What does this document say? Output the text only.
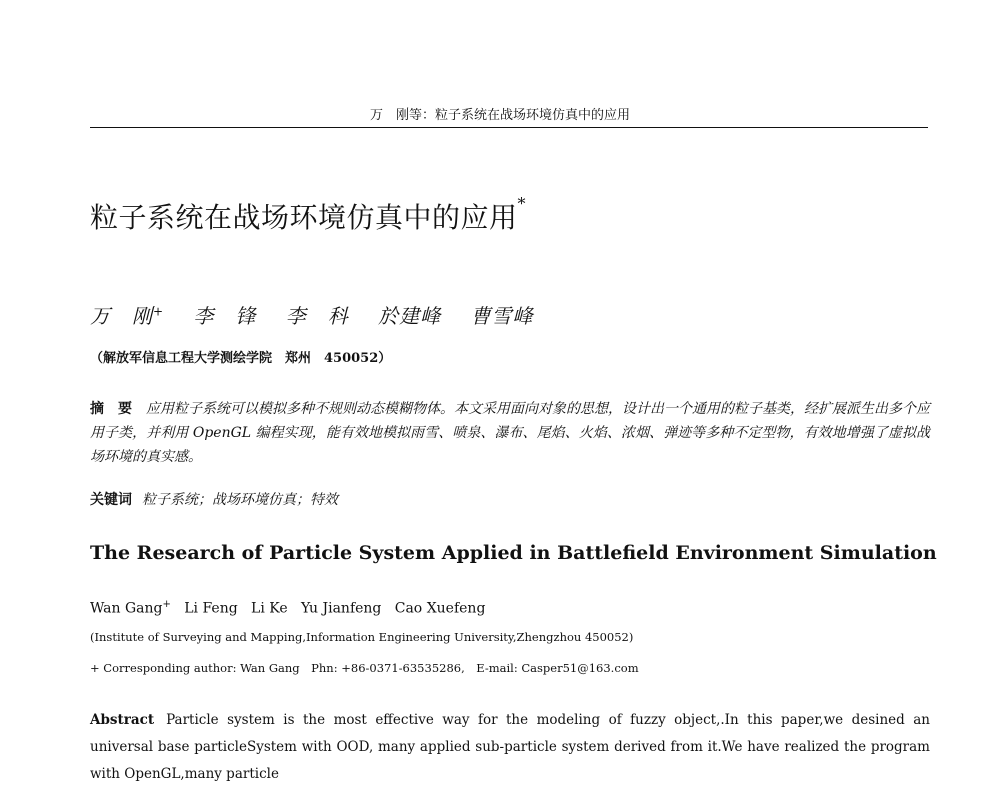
万　刚等：粒子系统在战场环境仿真中的应用
粒子系统在战场环境仿真中的应用*
万　刚+ 李　锋 李　科 於建峰 曹雪峰
（解放军信息工程大学测绘学院　郑州　450052）
摘　要 应用粒子系统可以模拟多种不规则动态模糊物体。本文采用面向对象的思想，设计出一个通用的粒子基类，经扩展派生出多个应用子类，并利用 OpenGL 编程实现，能有效地模拟雨雪、喷泉、瀑布、尾焰、火焰、浓烟、弹迹等多种不定型物，有效地增强了虚拟战场环境的真实感。
关键词 粒子系统；战场环境仿真；特效
The Research of Particle System Applied in Battlefield Environment Simulation
Wan Gang+ Li Feng Li Ke Yu Jianfeng Cao Xuefeng
(Institute of Surveying and Mapping,Information Engineering University,Zhengzhou 450052)
+ Corresponding author: Wan Gang　Phn: +86-0371-63535286,　E-mail: Casper51@163.com
Abstract Particle system is the most effective way for the modeling of fuzzy object,.In this paper,we desined an universal base particleSystem with OOD, many applied sub-particle system derived from it.We have realized the program with OpenGL,many particle
